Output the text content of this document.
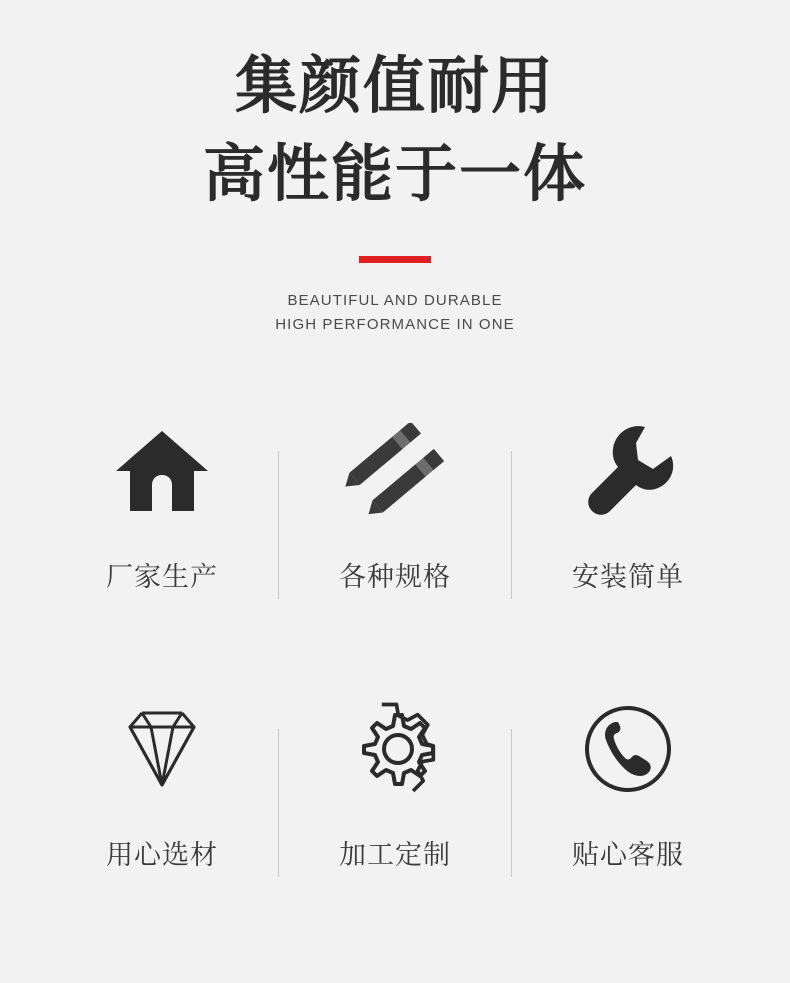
集颜值耐用
高性能于一体
BEAUTIFUL AND DURABLE
HIGH PERFORMANCE IN ONE
厂家生产	各种规格	安装简单
用心选材	加工定制	贴心客服
